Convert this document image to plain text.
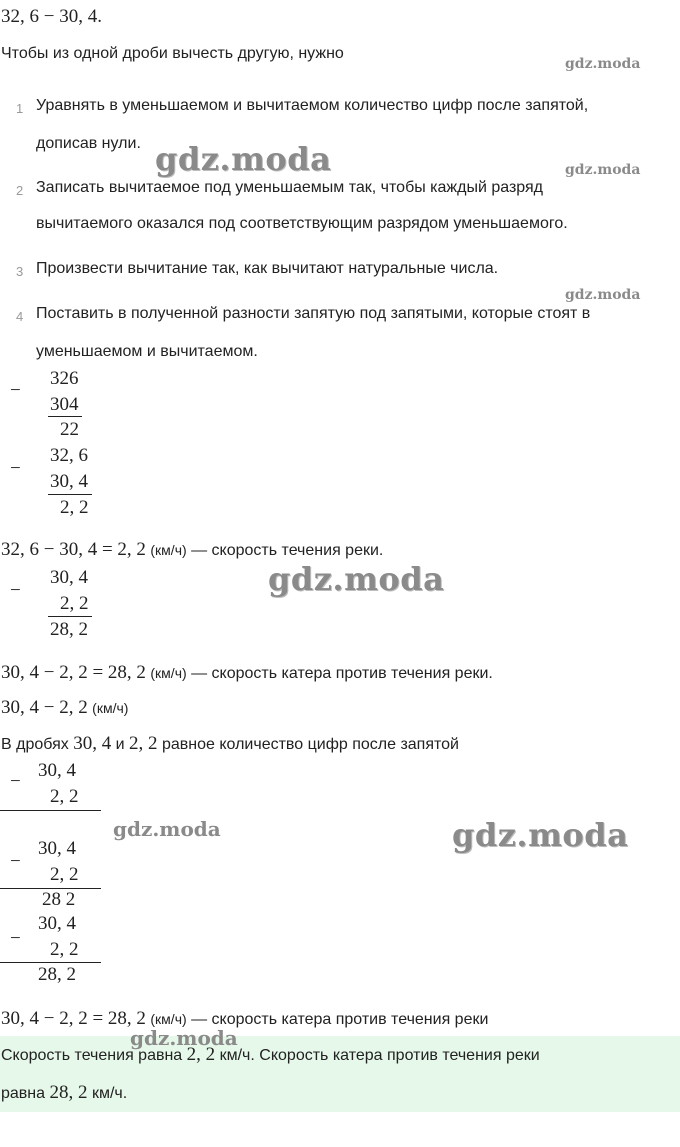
32, 6 − 30, 4.
Чтобы из одной дроби вычесть другую, нужно
1 Уравнять в уменьшаемом и вычитаемом количество цифр после запятой,
дописав нули.
2 Записать вычитаемое под уменьшаемым так, чтобы каждый разряд
вычитаемого оказался под соответствующим разрядом уменьшаемого.
3 Произвести вычитание так, как вычитают натуральные числа.
4 Поставить в полученной разности запятую под запятыми, которые стоят в
уменьшаемом и вычитаемом.
−
326
304
22
−
32, 6
30, 4
2, 2
32, 6 − 30, 4 = 2, 2 (км/ч) — скорость течения реки.
−
30, 4
2, 2
28, 2
30, 4 − 2, 2 = 28, 2 (км/ч) — скорость катера против течения реки.
30, 4 − 2, 2 (км/ч)
В дробях 30, 4 и 2, 2 равное количество цифр после запятой
−
30, 4
2, 2
−
30, 4
2, 2
28 2
−
30, 4
2, 2
28, 2
30, 4 − 2, 2 = 28, 2 (км/ч) — скорость катера против течения реки
Скорость течения равна 2, 2 км/ч. Скорость катера против течения реки
равна 28, 2 км/ч.
gdz.moda
gdz.moda	gdz.moda
gdz.moda
gdz.moda
gdz.moda	gdz.moda
gdz.moda
